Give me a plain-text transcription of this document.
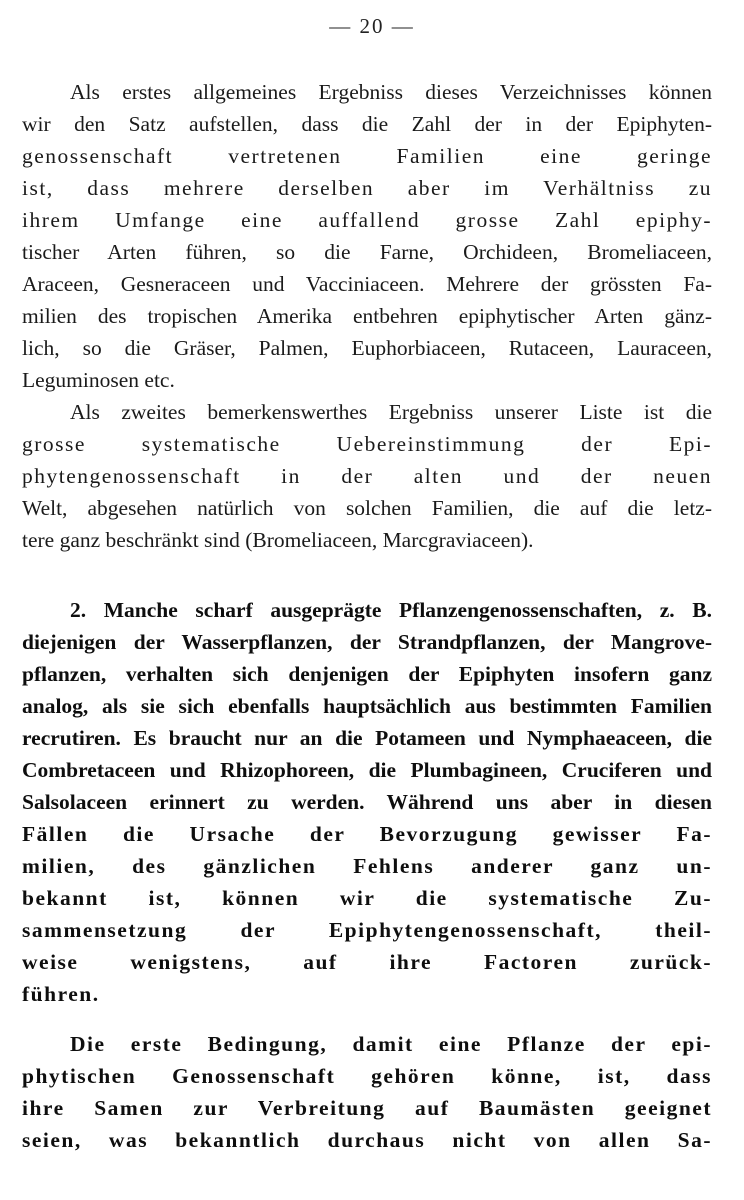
— 20 —
Als erstes allgemeines Ergebniss dieses Verzeichnisses können
wir den Satz aufstellen, dass die Zahl der in der Epiphyten-
genossenschaft vertretenen Familien eine geringe
ist, dass mehrere derselben aber im Verhältniss zu
ihrem Umfange eine auffallend grosse Zahl epiphy-
tischer Arten führen, so die Farne, Orchideen, Bromeliaceen,
Araceen, Gesneraceen und Vacciniaceen. Mehrere der grössten Fa-
milien des tropischen Amerika entbehren epiphytischer Arten gänz-
lich, so die Gräser, Palmen, Euphorbiaceen, Rutaceen, Lauraceen,
Leguminosen etc.
Als zweites bemerkenswerthes Ergebniss unserer Liste ist die
grosse systematische Uebereinstimmung der Epi-
phytengenossenschaft in der alten und der neuen
Welt, abgesehen natürlich von solchen Familien, die auf die letz-
tere ganz beschränkt sind (Bromeliaceen, Marcgraviaceen).
2. Manche scharf ausgeprägte Pflanzengenossenschaften, z. B.
diejenigen der Wasserpflanzen, der Strandpflanzen, der Mangrove-
pflanzen, verhalten sich denjenigen der Epiphyten insofern ganz
analog, als sie sich ebenfalls hauptsächlich aus bestimmten Familien
recrutiren. Es braucht nur an die Potameen und Nymphaeaceen, die
Combretaceen und Rhizophoreen, die Plumbagineen, Cruciferen und
Salsolaceen erinnert zu werden. Während uns aber in diesen
Fällen die Ursache der Bevorzugung gewisser Fa-
milien, des gänzlichen Fehlens anderer ganz un-
bekannt ist, können wir die systematische Zu-
sammensetzung der Epiphytengenossenschaft, theil-
weise wenigstens, auf ihre Factoren zurück-
führen.
Die erste Bedingung, damit eine Pflanze der epi-
phytischen Genossenschaft gehören könne, ist, dass
ihre Samen zur Verbreitung auf Baumästen geeignet
seien, was bekanntlich durchaus nicht von allen Sa-
